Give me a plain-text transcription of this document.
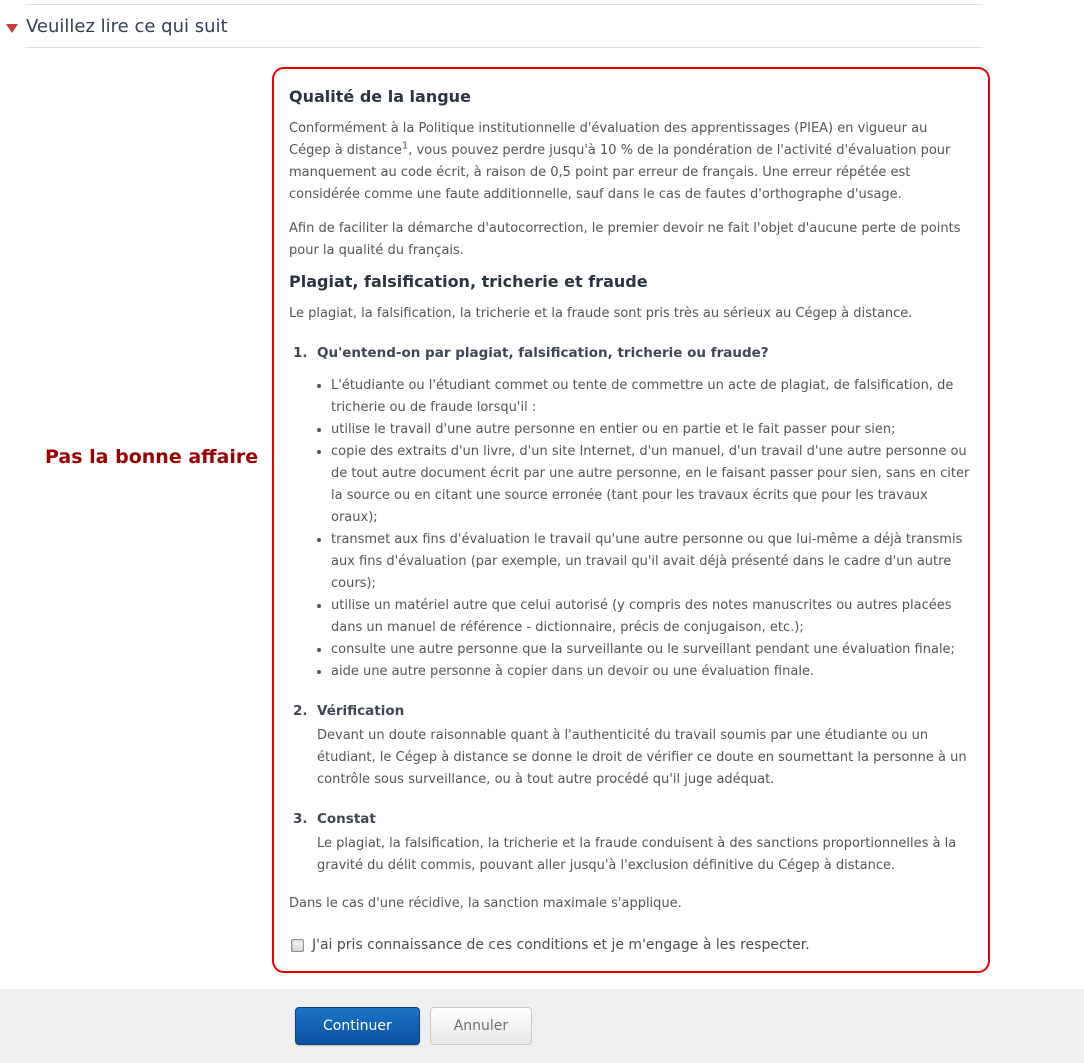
Veuillez lire ce qui suit
Pas la bonne affaire
Qualité de la langue

Conformément à la Politique institutionnelle d'évaluation des apprentissages (PIEA) en vigueur au Cégep à distance$^1$, vous pouvez perdre jusqu'à 10 % de la pondération de l'activité d'évaluation pour manquement au code écrit, à raison de 0,5 point par erreur de français. Une erreur répétée est considérée comme une faute additionnelle, sauf dans le cas de fautes d'orthographe d'usage.

Afin de faciliter la démarche d'autocorrection, le premier devoir ne fait l'objet d'aucune perte de points pour la qualité du français.

Plagiat, falsification, tricherie et fraude

Le plagiat, la falsification, la tricherie et la fraude sont pris très au sérieux au Cégep à distance.

1. Qu'entend-on par plagiat, falsification, tricherie ou fraude?
• L'étudiante ou l'étudiant commet ou tente de commettre un acte de plagiat, de falsification, de tricherie ou de fraude lorsqu'il :
• utilise le travail d'une autre personne en entier ou en partie et le fait passer pour sien;
• copie des extraits d'un livre, d'un site Internet, d'un manuel, d'un travail d'une autre personne ou de tout autre document écrit par une autre personne, en le faisant passer pour sien, sans en citer la source ou en citant une source erronée (tant pour les travaux écrits que pour les travaux oraux);
• transmet aux fins d'évaluation le travail qu'une autre personne ou que lui-même a déjà transmis aux fins d'évaluation (par exemple, un travail qu'il avait déjà présenté dans le cadre d'un autre cours);
• utilise un matériel autre que celui autorisé (y compris des notes manuscrites ou autres placées dans un manuel de référence - dictionnaire, précis de conjugaison, etc.);
• consulte une autre personne que la surveillante ou le surveillant pendant une évaluation finale;
• aide une autre personne à copier dans un devoir ou une évaluation finale.
2. Vérification
Devant un doute raisonnable quant à l'authenticité du travail soumis par une étudiante ou un étudiant, le Cégep à distance se donne le droit de vérifier ce doute en soumettant la personne à un contrôle sous surveillance, ou à tout autre procédé qu'il juge adéquat.
3. Constat
Le plagiat, la falsification, la tricherie et la fraude conduisent à des sanctions proportionnelles à la gravité du délit commis, pouvant aller jusqu'à l'exclusion définitive du Cégep à distance.

Dans le cas d'une récidive, la sanction maximale s'applique.

J'ai pris connaissance de ces conditions et je m'engage à les respecter.
Continuer	Annuler
